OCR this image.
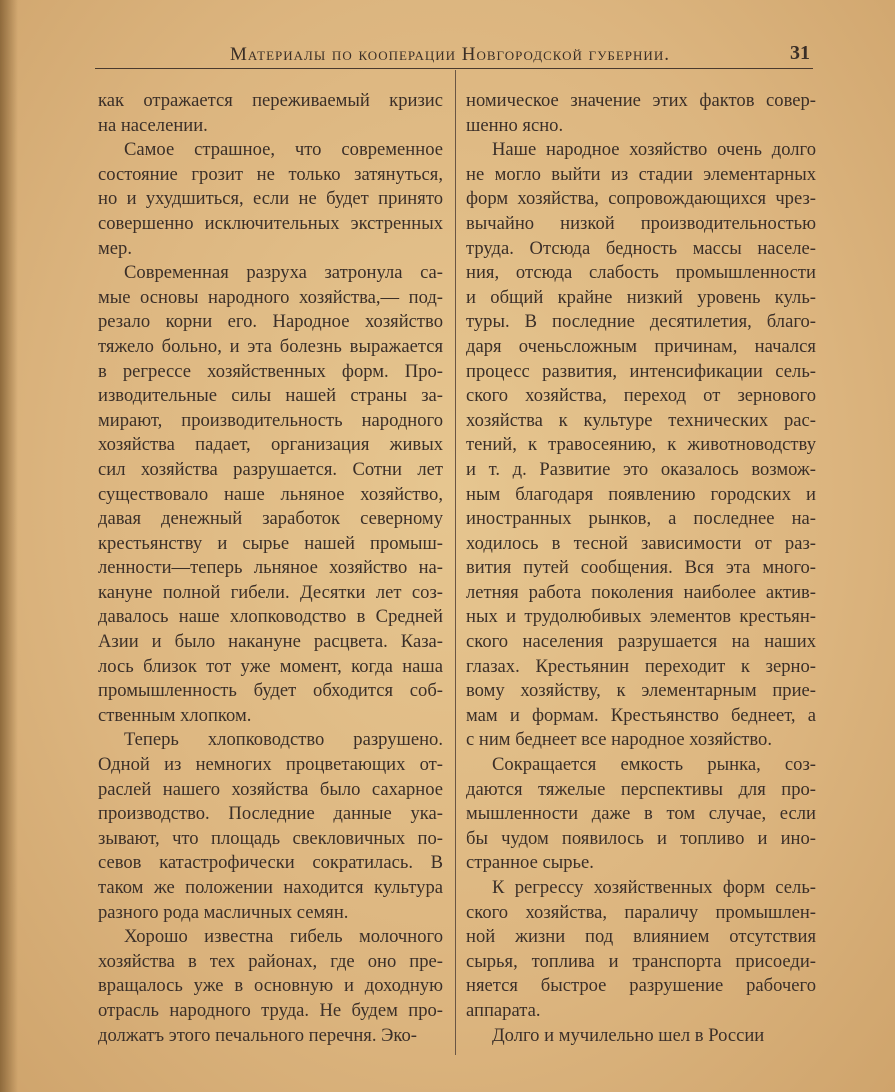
Материалы по кооперации Новгородской губернии.	31

как отражается переживаемый кризис
на населении.

Самое страшное, что современное
состояние грозит не только затянуться,
но и ухудшиться, если не будет принято
совершенно исключительных экстренных
мер.

Современная разруха затронула са-
мые основы народного хозяйства,— под-
резало корни его. Народное хозяйство
тяжело больно, и эта болезнь выражается
в регрессе хозяйственных форм. Про-
изводительные силы нашей страны за-
мирают, производительность народного
хозяйства падает, организация живых
сил хозяйства разрушается. Сотни лет
существовало наше льняное хозяйство,
давая денежный заработок северному
крестьянству и сырье нашей промыш-
ленности—теперь льняное хозяйство на-
кануне полной гибели. Десятки лет соз-
давалось наше хлопководство в Средней
Азии и было накануне расцвета. Каза-
лось близок тот уже момент, когда наша
промышленность будет обходится соб-
ственным хлопком.

Теперь хлопководство разрушено.
Одной из немногих процветающих от-
раслей нашего хозяйства было сахарное
производство. Последние данные ука-
зывают, что площадь свекловичных по-
севов катастрофически сократилась. В
таком же положении находится культура
разного рода масличных семян.

Хорошо известна гибель молочного
хозяйства в тех районах, где оно пре-
вращалось уже в основную и доходную
отрасль народного труда. Не будем про-
должатъ этого печального перечня. Эко-

номическое значение этих фактов совер-
шенно ясно.

Наше народное хозяйство очень долго
не могло выйти из стадии элементарных
форм хозяйства, сопровождающихся чрез-
вычайно низкой производительностью
труда. Отсюда бедность массы населе-
ния, отсюда слабость промышленности
и общий крайне низкий уровень куль-
туры. В последние десятилетия, благо-
даря оченьсложным причинам, начался
процесс развития, интенсификации сель-
ского хозяйства, переход от зернового
хозяйства к культуре технических рас-
тений, к травосеянию, к животноводству
и т. д. Развитие это оказалось возмож-
ным благодаря появлению городских и
иностранных рынков, а последнее на-
ходилось в тесной зависимости от раз-
вития путей сообщения. Вся эта много-
летняя работа поколения наиболее актив-
ных и трудолюбивых элементов крестьян-
ского населения разрушается на наших
глазах. Крестьянин переходит к зерно-
вому хозяйству, к элементарным прие-
мам и формам. Крестьянство беднеет, а
с ним беднеет все народное хозяйство.

Сокращается емкость рынка, соз-
даются тяжелые перспективы для про-
мышленности даже в том случае, если
бы чудом появилось и топливо и ино-
странное сырье.

К регрессу хозяйственных форм сель-
ского хозяйства, параличу промышлен-
ной жизни под влиянием отсутствия
сырья, топлива и транспорта присоеди-
няется быстрое разрушение рабочего
аппарата.

Долго и мучилельно шел в России
